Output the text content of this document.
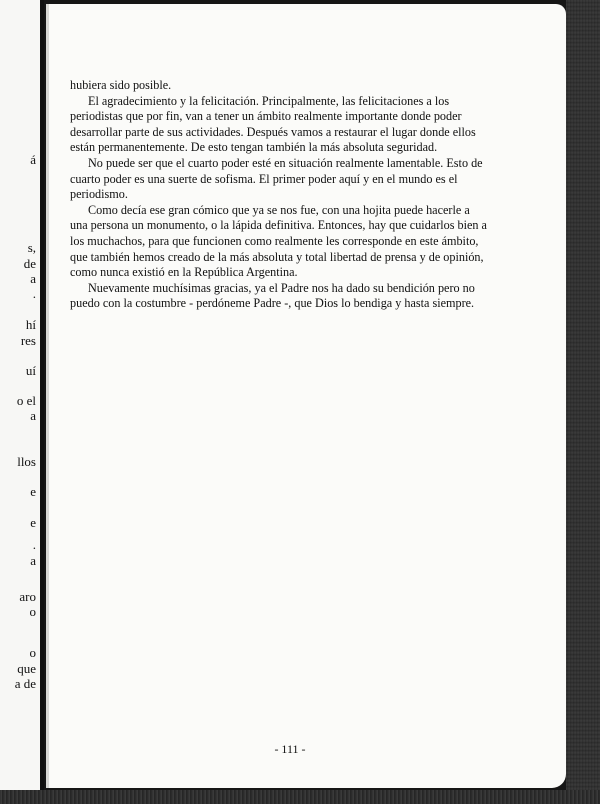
á
s,
de
a
.
hí
res
uí
o el
a
llos
e
e
.
a
aro
o
o
que
a de

hubiera sido posible.

El agradecimiento y la felicitación. Principalmente, las felicitaciones a los
periodistas que por fin, van a tener un ámbito realmente importante donde poder
desarrollar parte de sus actividades. Después vamos a restaurar el lugar donde ellos
están permanentemente. De esto tengan también la más absoluta seguridad.

No puede ser que el cuarto poder esté en situación realmente lamentable. Esto de
cuarto poder es una suerte de sofisma. El primer poder aquí y en el mundo es el
periodismo.

Como decía ese gran cómico que ya se nos fue, con una hojita puede hacerle a
una persona un monumento, o la lápida definitiva. Entonces, hay que cuidarlos bien a
los muchachos, para que funcionen como realmente les corresponde en este ámbito,
que también hemos creado de la más absoluta y total libertad de prensa y de opinión,
como nunca existió en la República Argentina.

Nuevamente muchísimas gracias, ya el Padre nos ha dado su bendición pero no
puedo con la costumbre - perdóneme Padre -, que Dios lo bendiga y hasta siempre.

- 111 -
